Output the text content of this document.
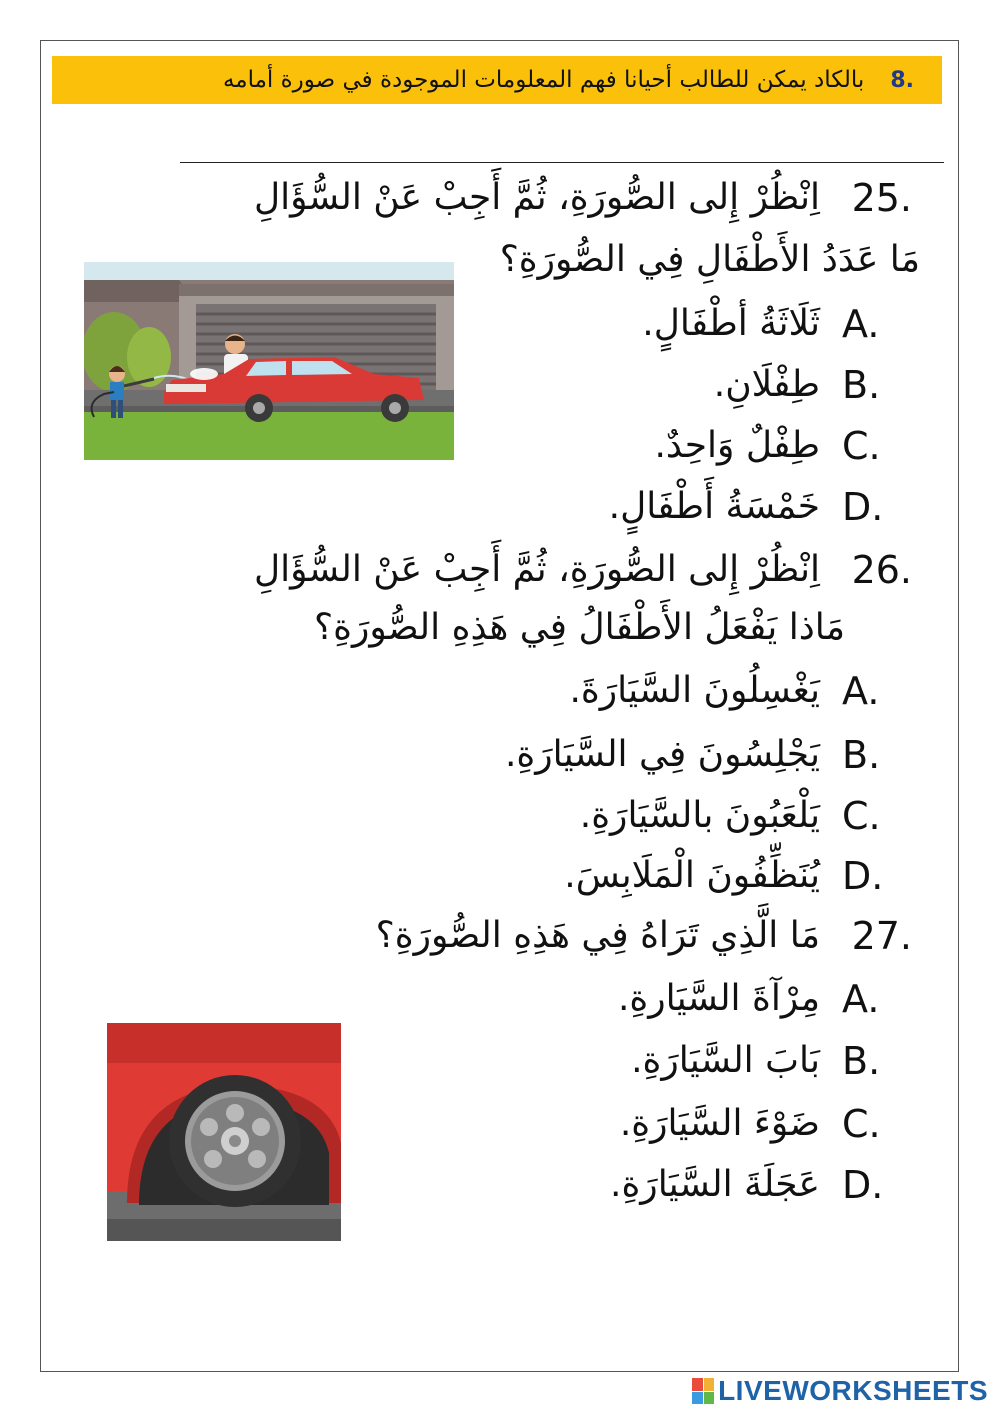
8.
بالكاد يمكن للطالب أحيانا فهم المعلومات الموجودة في صورة أمامه
25.
اِنْظُرْ إِلى الصُّورَةِ، ثُمَّ أَجِبْ عَنْ السُّؤَالِ
مَا عَدَدُ الأَطْفَالِ فِي الصُّورَةِ؟
A.
ثَلَاثَةُ أطْفَالٍ.
B.
طِفْلَانِ.
C.
طِفْلٌ وَاحِدٌ.
D.
خَمْسَةُ أَطْفَالٍ.
26.
اِنْظُرْ إِلى الصُّورَةِ، ثُمَّ أَجِبْ عَنْ السُّؤَالِ
مَاذا يَفْعَلُ الأَطْفَالُ فِي هَذِهِ الصُّورَةِ؟
A.
يَغْسِلُونَ السَّيَارَةَ.
B.
يَجْلِسُونَ فِي السَّيَارَةِ.
C.
يَلْعَبُونَ بالسَّيَارَةِ.
D.
يُنَظِّفُونَ الْمَلَابِسَ.
27.
مَا الَّذِي تَرَاهُ فِي هَذِهِ الصُّورَةِ؟
A.
مِرْآةَ السَّيَارةِ.
B.
بَابَ السَّيَارَةِ.
C.
ضَوْءَ السَّيَارَةِ.
D.
عَجَلَةَ السَّيَارَةِ.
LIVEWORKSHEETS
